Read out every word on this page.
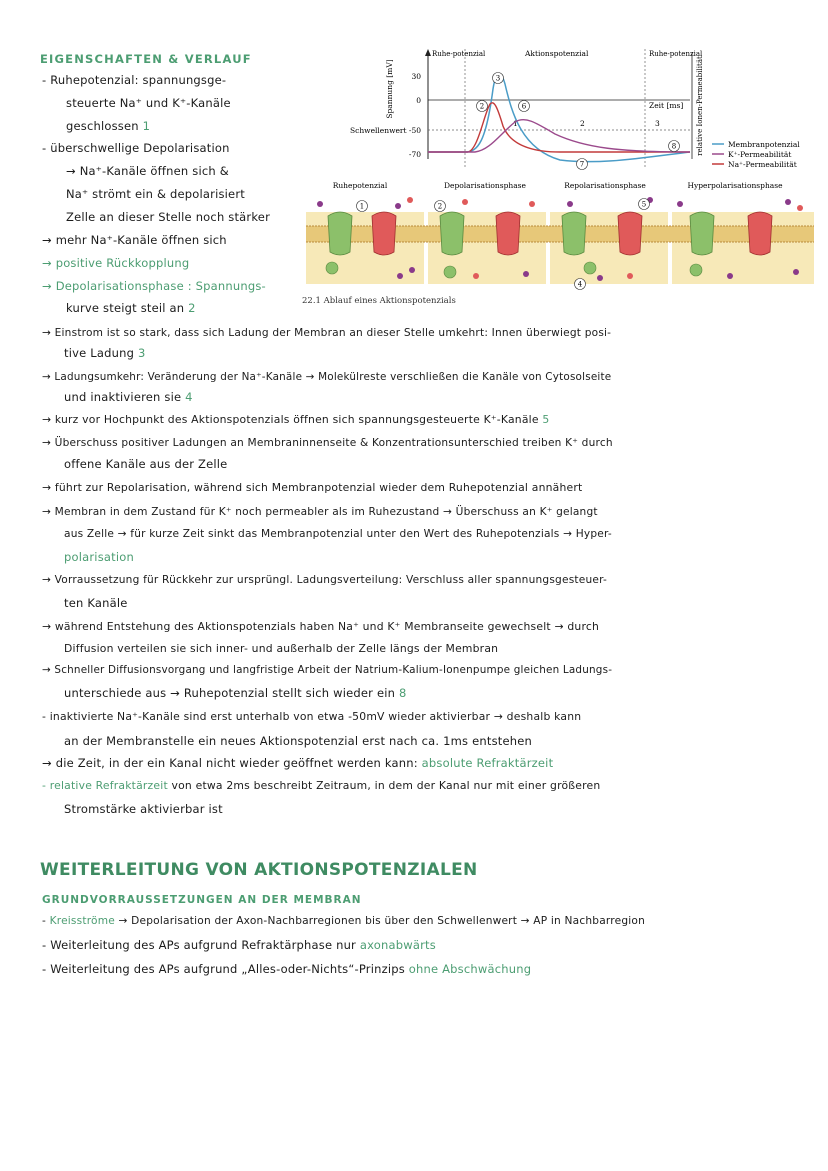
EIGENSCHAFTEN & VERLAUF
- Ruhepotenzial: spannungsge-
steuerte Na⁺ und K⁺-Kanäle
geschlossen 1
- überschwellige Depolarisation
→ Na⁺-Kanäle öffnen sich &
Na⁺ strömt ein & depolarisiert
Zelle an dieser Stelle noch stärker
→ mehr Na⁺-Kanäle öffnen sich
→ positive Rückkopplung
→ Depolarisationsphase : Spannungs-
kurve steigt steil an 2
→ Einstrom ist so stark, dass sich Ladung der Membran an dieser Stelle umkehrt: Innen überwiegt posi-
tive Ladung 3
→ Ladungsumkehr: Veränderung der Na⁺-Kanäle → Molekülreste verschließen die Kanäle von Cytosolseite
und inaktivieren sie 4
→ kurz vor Hochpunkt des Aktionspotenzials öffnen sich spannungsgesteuerte K⁺-Kanäle 5
→ Überschuss positiver Ladungen an Membraninnenseite & Konzentrationsunterschied treiben K⁺ durch
offene Kanäle aus der Zelle
→ führt zur Repolarisation, während sich Membranpotenzial wieder dem Ruhepotenzial annähert
→ Membran in dem Zustand für K⁺ noch permeabler als im Ruhezustand → Überschuss an K⁺ gelangt
aus Zelle → für kurze Zeit sinkt das Membranpotenzial unter den Wert des Ruhepotenzials → Hyper-
polarisation
→ Vorraussetzung für Rückkehr zur ursprüngl. Ladungsverteilung: Verschluss aller spannungsgesteuer-
ten Kanäle
→ während Entstehung des Aktionspotenzials haben Na⁺ und K⁺ Membranseite gewechselt → durch
Diffusion verteilen sie sich inner- und außerhalb der Zelle längs der Membran
→ Schneller Diffusionsvorgang und langfristige Arbeit der Natrium-Kalium-Ionenpumpe gleichen Ladungs-
unterschiede aus → Ruhepotenzial stellt sich wieder ein 8
- inaktivierte Na⁺-Kanäle sind erst unterhalb von etwa -50mV wieder aktivierbar → deshalb kann
an der Membranstelle ein neues Aktionspotenzial erst nach ca. 1ms entstehen
→ die Zeit, in der ein Kanal nicht wieder geöffnet werden kann: absolute Refraktärzeit
- relative Refraktärzeit von etwa 2ms beschreibt Zeitraum, in dem der Kanal nur mit einer größeren
Stromstärke aktivierbar ist
30
0
Schwellenwert -50
-70
Spannung [mV]
Ruhe-potenzial	Aktionspotenzial	Ruhe-potenzial
Zeit [ms]
1	2	3
2
3
6
7
8	relative Ionen-Permeabilität	Membranpotenzial
K⁺-Permeabilität
Na⁺-Permeabilität
Ruhepotenzial	Depolarisationsphase	Repolarisationsphase	Hyperpolarisationsphase
1	2
4
5
22.1 Ablauf eines Aktionspotenzials
WEITERLEITUNG VON AKTIONSPOTENZIALEN
GRUNDVORRAUSSETZUNGEN AN DER MEMBRAN
- Kreisströme → Depolarisation der Axon-Nachbarregionen bis über den Schwellenwert → AP in Nachbarregion
- Weiterleitung des APs aufgrund Refraktärphase nur axonabwärts
- Weiterleitung des APs aufgrund „Alles-oder-Nichts“-Prinzips ohne Abschwächung
